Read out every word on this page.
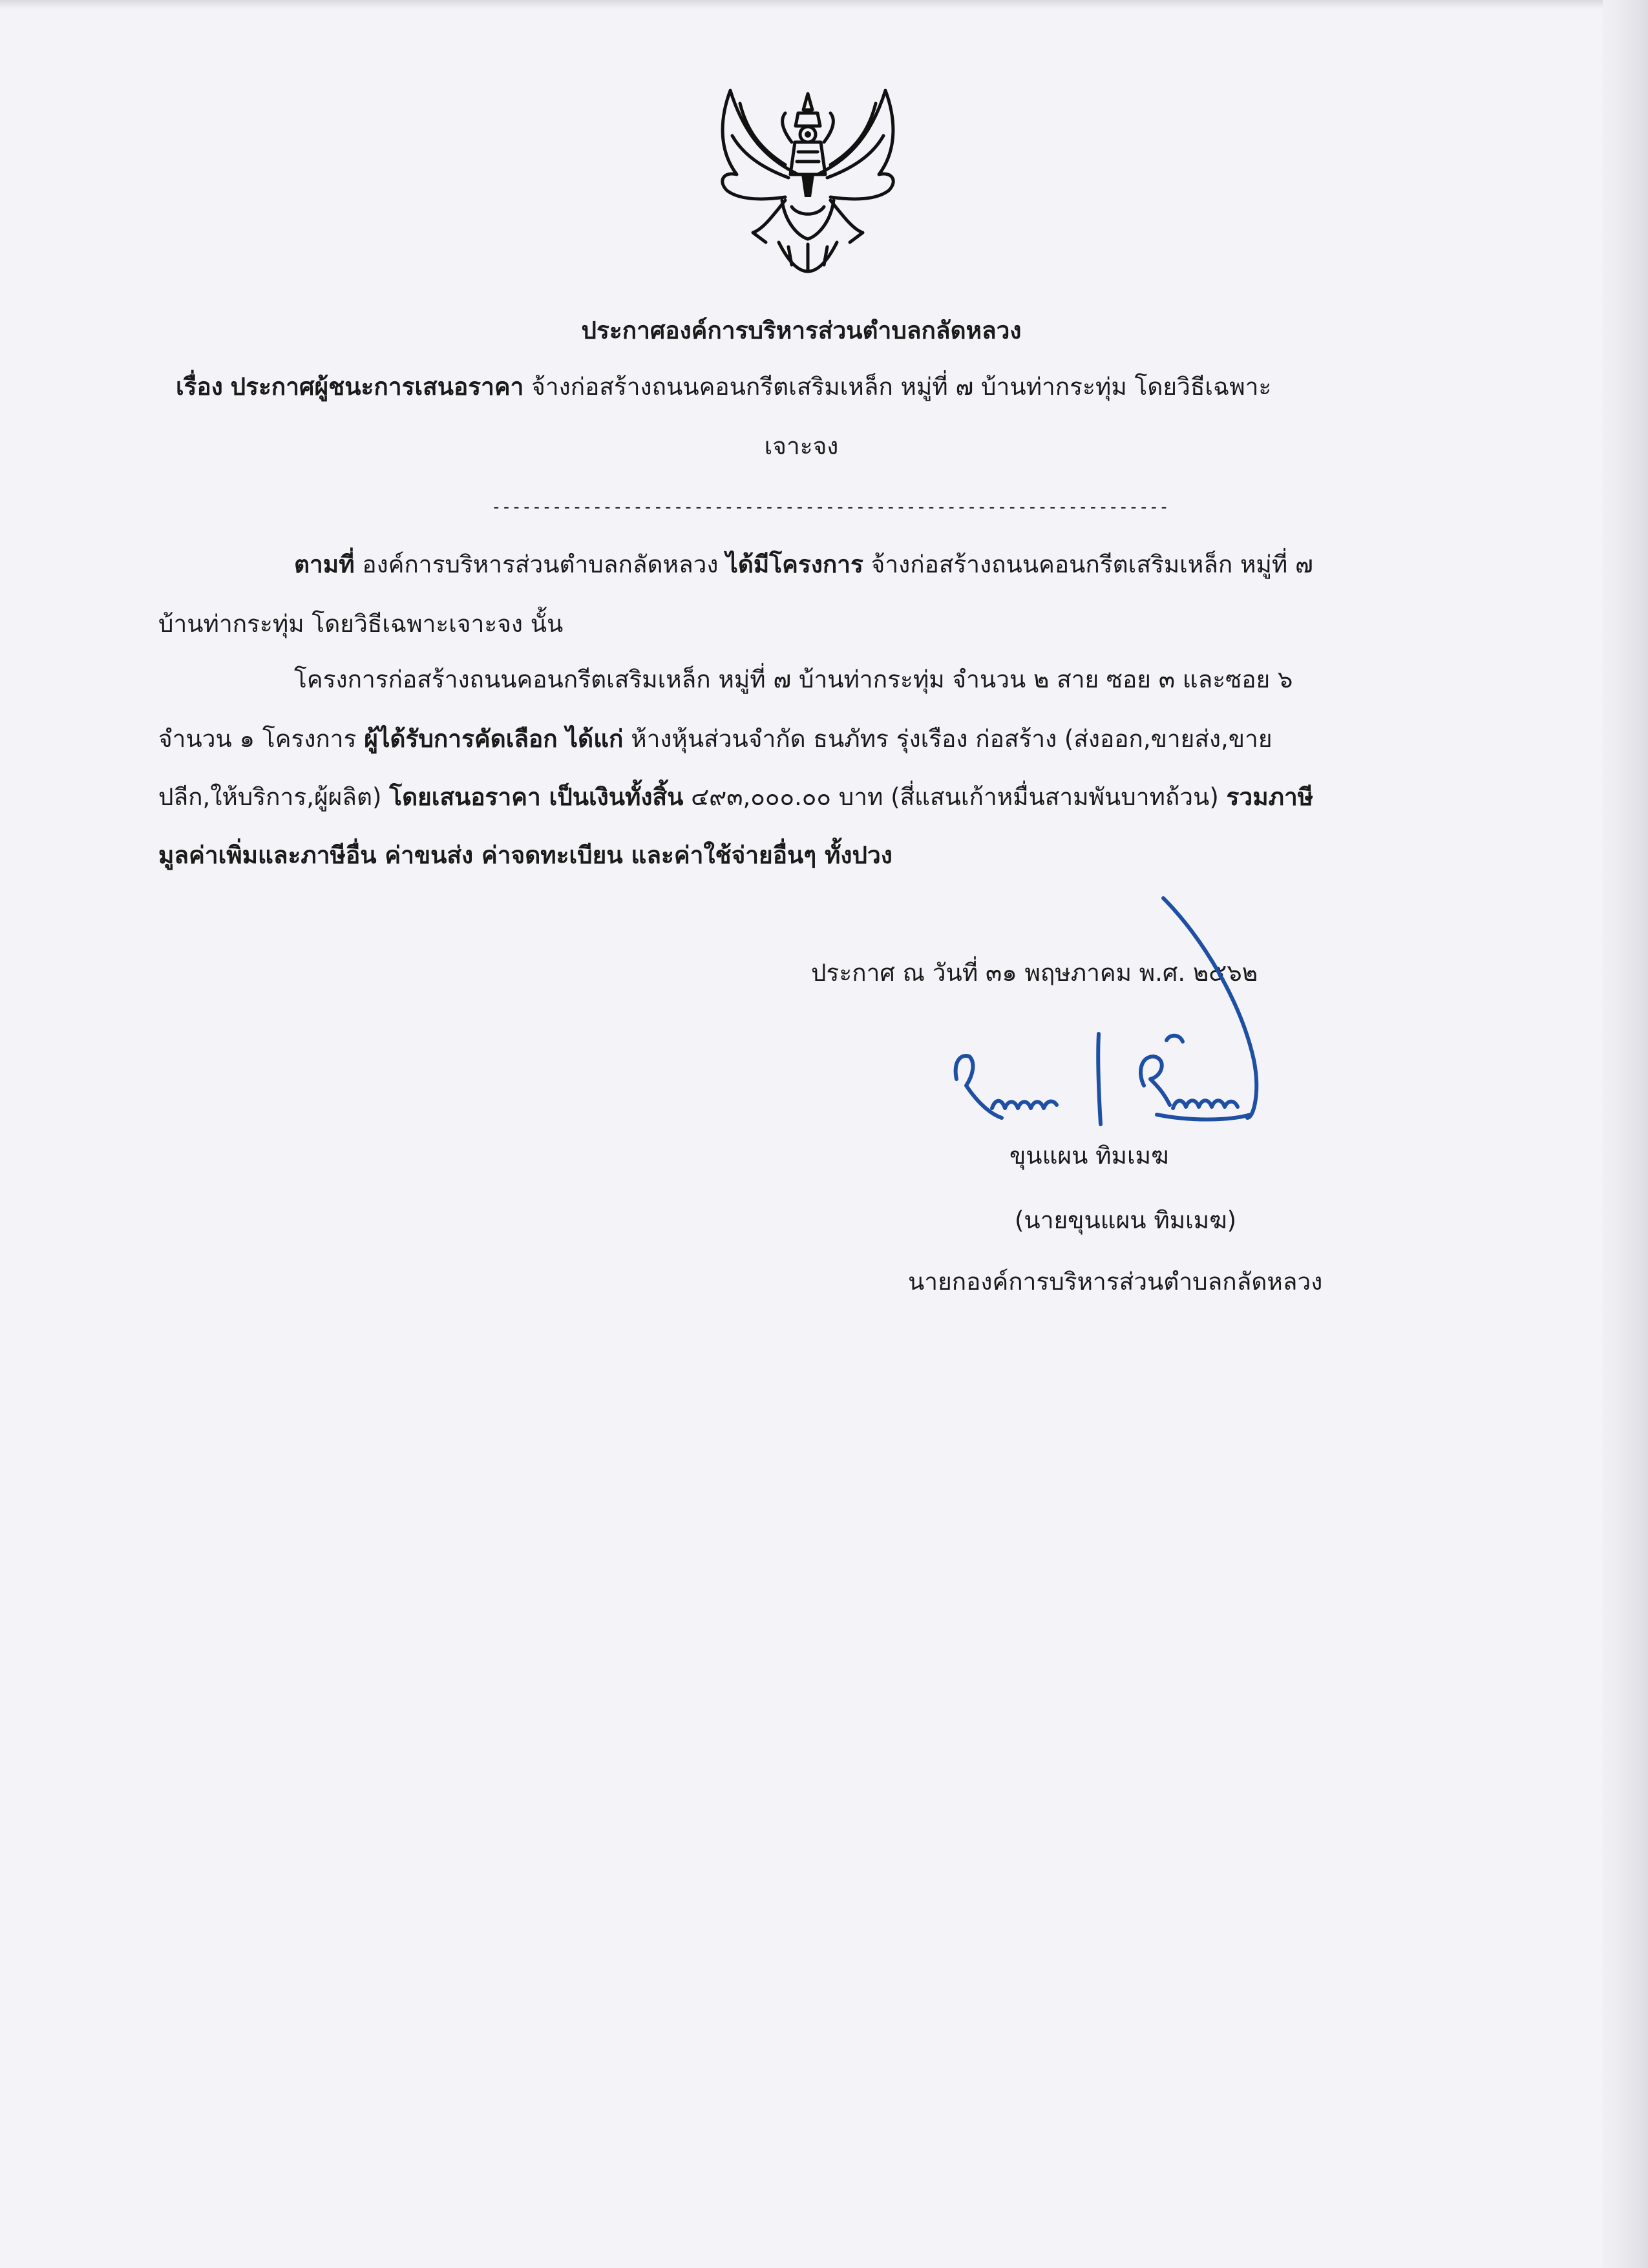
ประกาศองค์การบริหารส่วนตำบลกลัดหลวง
เรื่อง ประกาศผู้ชนะการเสนอราคา จ้างก่อสร้างถนนคอนกรีตเสริมเหล็ก หมู่ที่ ๗ บ้านท่ากระทุ่ม โดยวิธีเฉพาะ
เจาะจง
-------------------------------------------------------------------
ตามที่ องค์การบริหารส่วนตำบลกลัดหลวง ได้มีโครงการ จ้างก่อสร้างถนนคอนกรีตเสริมเหล็ก หมู่ที่ ๗
บ้านท่ากระทุ่ม โดยวิธีเฉพาะเจาะจง นั้น
โครงการก่อสร้างถนนคอนกรีตเสริมเหล็ก หมู่ที่ ๗ บ้านท่ากระทุ่ม จำนวน ๒ สาย ซอย ๓ และซอย ๖
จำนวน ๑ โครงการ ผู้ได้รับการคัดเลือก ได้แก่ ห้างหุ้นส่วนจำกัด ธนภัทร รุ่งเรือง ก่อสร้าง (ส่งออก,ขายส่ง,ขาย
ปลีก,ให้บริการ,ผู้ผลิต) โดยเสนอราคา เป็นเงินทั้งสิ้น ๔๙๓,๐๐๐.๐๐ บาท (สี่แสนเก้าหมื่นสามพันบาทถ้วน) รวมภาษี
มูลค่าเพิ่มและภาษีอื่น ค่าขนส่ง ค่าจดทะเบียน และค่าใช้จ่ายอื่นๆ ทั้งปวง
ประกาศ ณ วันที่ ๓๑ พฤษภาคม พ.ศ. ๒๕๖๒
ขุนแผน ทิมเมฆ
(นายขุนแผน ทิมเมฆ)
นายกองค์การบริหารส่วนตำบลกลัดหลวง
